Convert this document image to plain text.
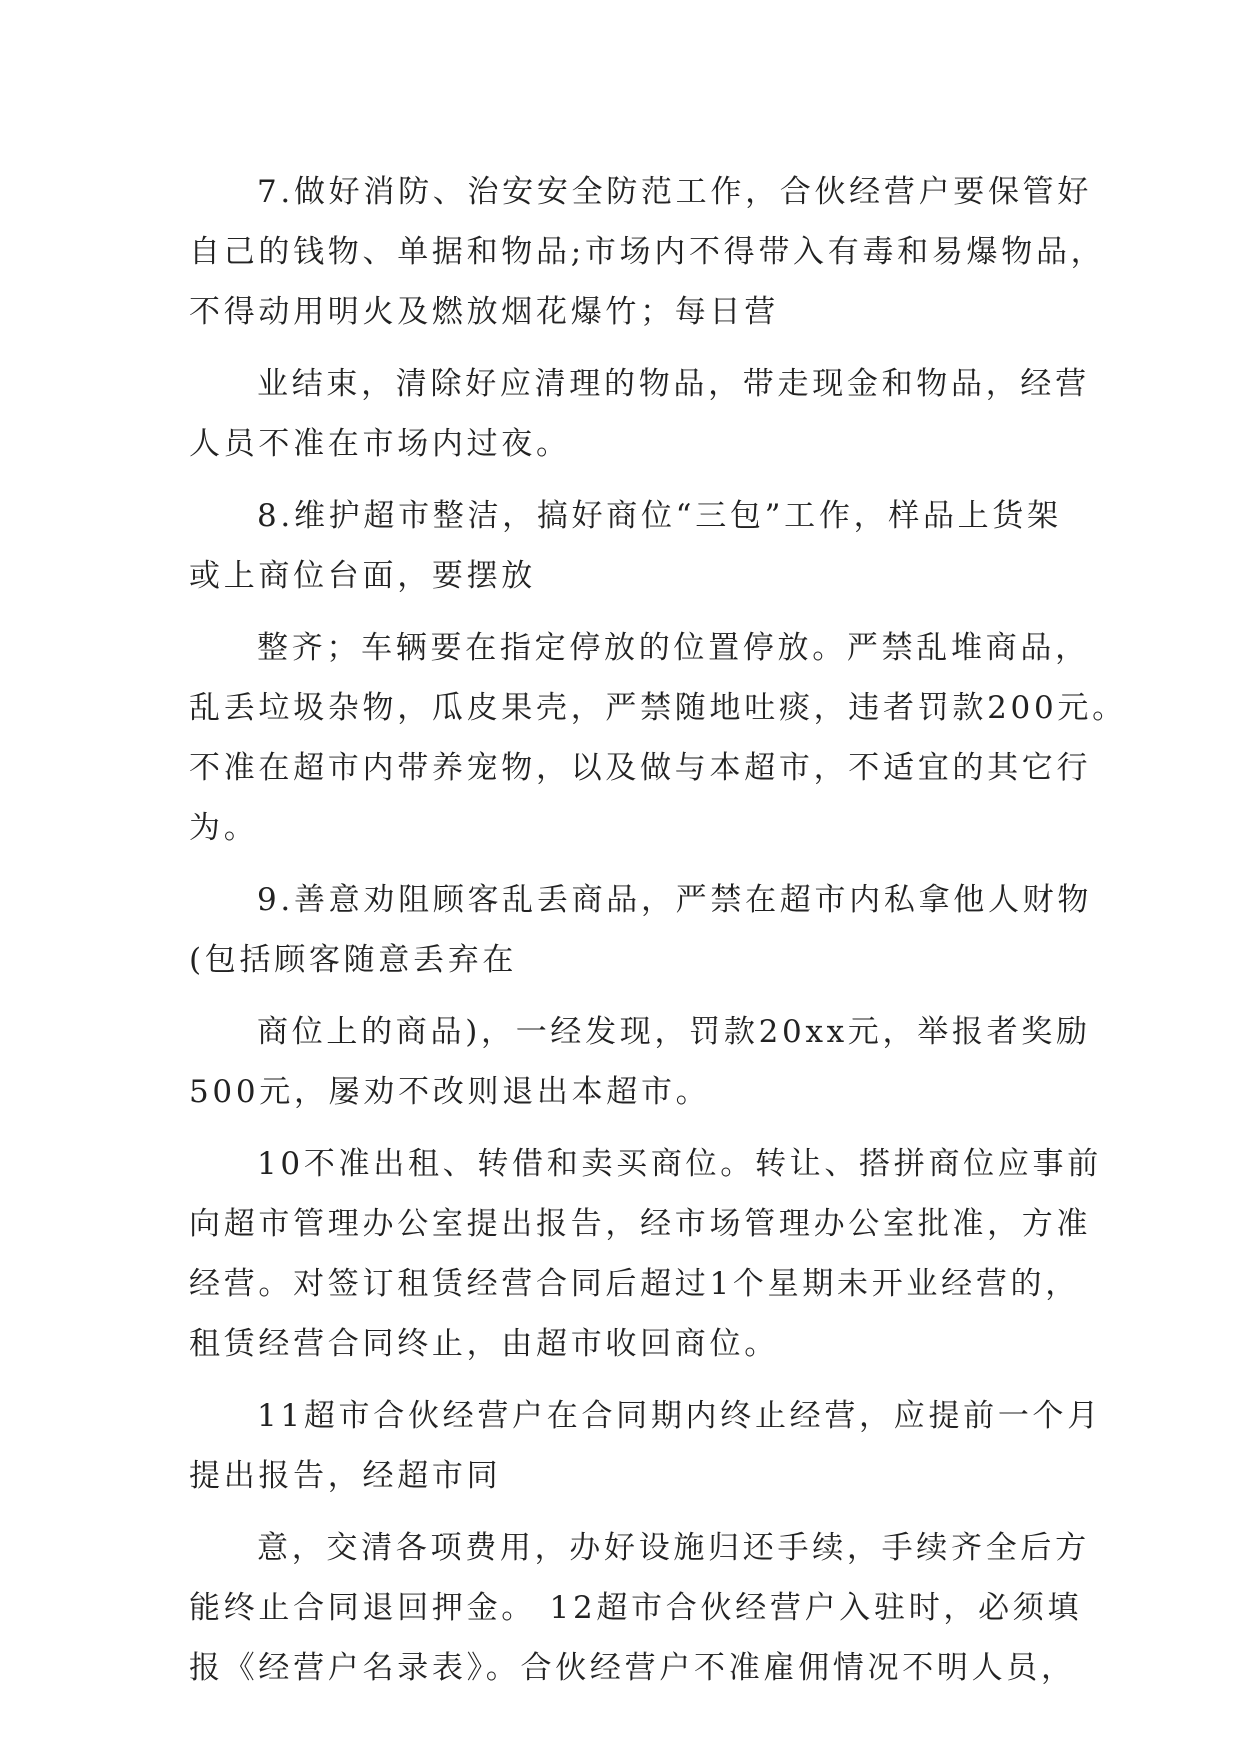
7.做好消防、治安安全防范工作，合伙经营户要保管好
自己的钱物、单据和物品;市场内不得带入有毒和易爆物品，
不得动用明火及燃放烟花爆竹；每日营
业结束，清除好应清理的物品，带走现金和物品，经营
人员不准在市场内过夜。
8.维护超市整洁，搞好商位“三包”工作，样品上货架
或上商位台面，要摆放
整齐；车辆要在指定停放的位置停放。严禁乱堆商品，
乱丢垃圾杂物，瓜皮果壳，严禁随地吐痰，违者罚款200元。
不准在超市内带养宠物，以及做与本超市，不适宜的其它行
为。
9.善意劝阻顾客乱丢商品，严禁在超市内私拿他人财物
(包括顾客随意丢弃在
商位上的商品)，一经发现，罚款20xx元，举报者奖励
500元，屡劝不改则退出本超市。
10不准出租、转借和卖买商位。转让、搭拼商位应事前
向超市管理办公室提出报告，经市场管理办公室批准，方准
经营。对签订租赁经营合同后超过1个星期未开业经营的，
租赁经营合同终止，由超市收回商位。
11超市合伙经营户在合同期内终止经营，应提前一个月
提出报告，经超市同
意，交清各项费用，办好设施归还手续，手续齐全后方
能终止合同退回押金。 12超市合伙经营户入驻时，必须填
报《经营户名录表》。合伙经营户不准雇佣情况不明人员，
